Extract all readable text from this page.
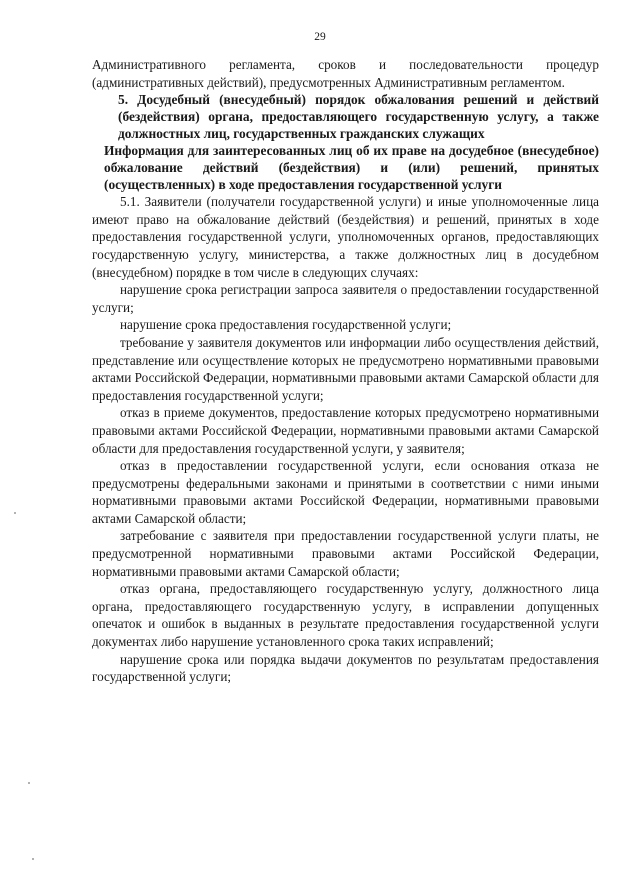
29

Административного регламента, сроков и последовательности процедур (административных действий), предусмотренных Административным регламентом.

5. Досудебный (внесудебный) порядок обжалования решений и действий (бездействия) органа, предоставляющего государственную услугу, а также должностных лиц, государственных гражданских служащих

Информация для заинтересованных лиц об их праве на досудебное (внесудебное) обжалование действий (бездействия) и (или) решений, принятых (осуществленных) в ходе предоставления государственной услуги

5.1. Заявители (получатели государственной услуги) и иные уполномоченные лица имеют право на обжалование действий (бездействия) и решений, принятых в ходе предоставления государственной услуги, уполномоченных органов, предоставляющих государственную услугу, министерства, а также должностных лиц в досудебном (внесудебном) порядке в том числе в следующих случаях:

нарушение срока регистрации запроса заявителя о предоставлении государственной услуги;

нарушение срока предоставления государственной услуги;

требование у заявителя документов или информации либо осуществления действий, представление или осуществление которых не предусмотрено нормативными правовыми актами Российской Федерации, нормативными правовыми актами Самарской области для предоставления государственной услуги;

отказ в приеме документов, предоставление которых предусмотрено нормативными правовыми актами Российской Федерации, нормативными правовыми актами Самарской области для предоставления государственной услуги, у заявителя;

отказ в предоставлении государственной услуги, если основания отказа не предусмотрены федеральными законами и принятыми в соответствии с ними иными нормативными правовыми актами Российской Федерации, нормативными правовыми актами Самарской области;

затребование с заявителя при предоставлении государственной услуги платы, не предусмотренной нормативными правовыми актами Российской Федерации, нормативными правовыми актами Самарской области;

отказ органа, предоставляющего государственную услугу, должностного лица органа, предоставляющего государственную услугу, в исправлении допущенных опечаток и ошибок в выданных в результате предоставления государственной услуги документах либо нарушение установленного срока таких исправлений;

нарушение срока или порядка выдачи документов по результатам предоставления государственной услуги;
